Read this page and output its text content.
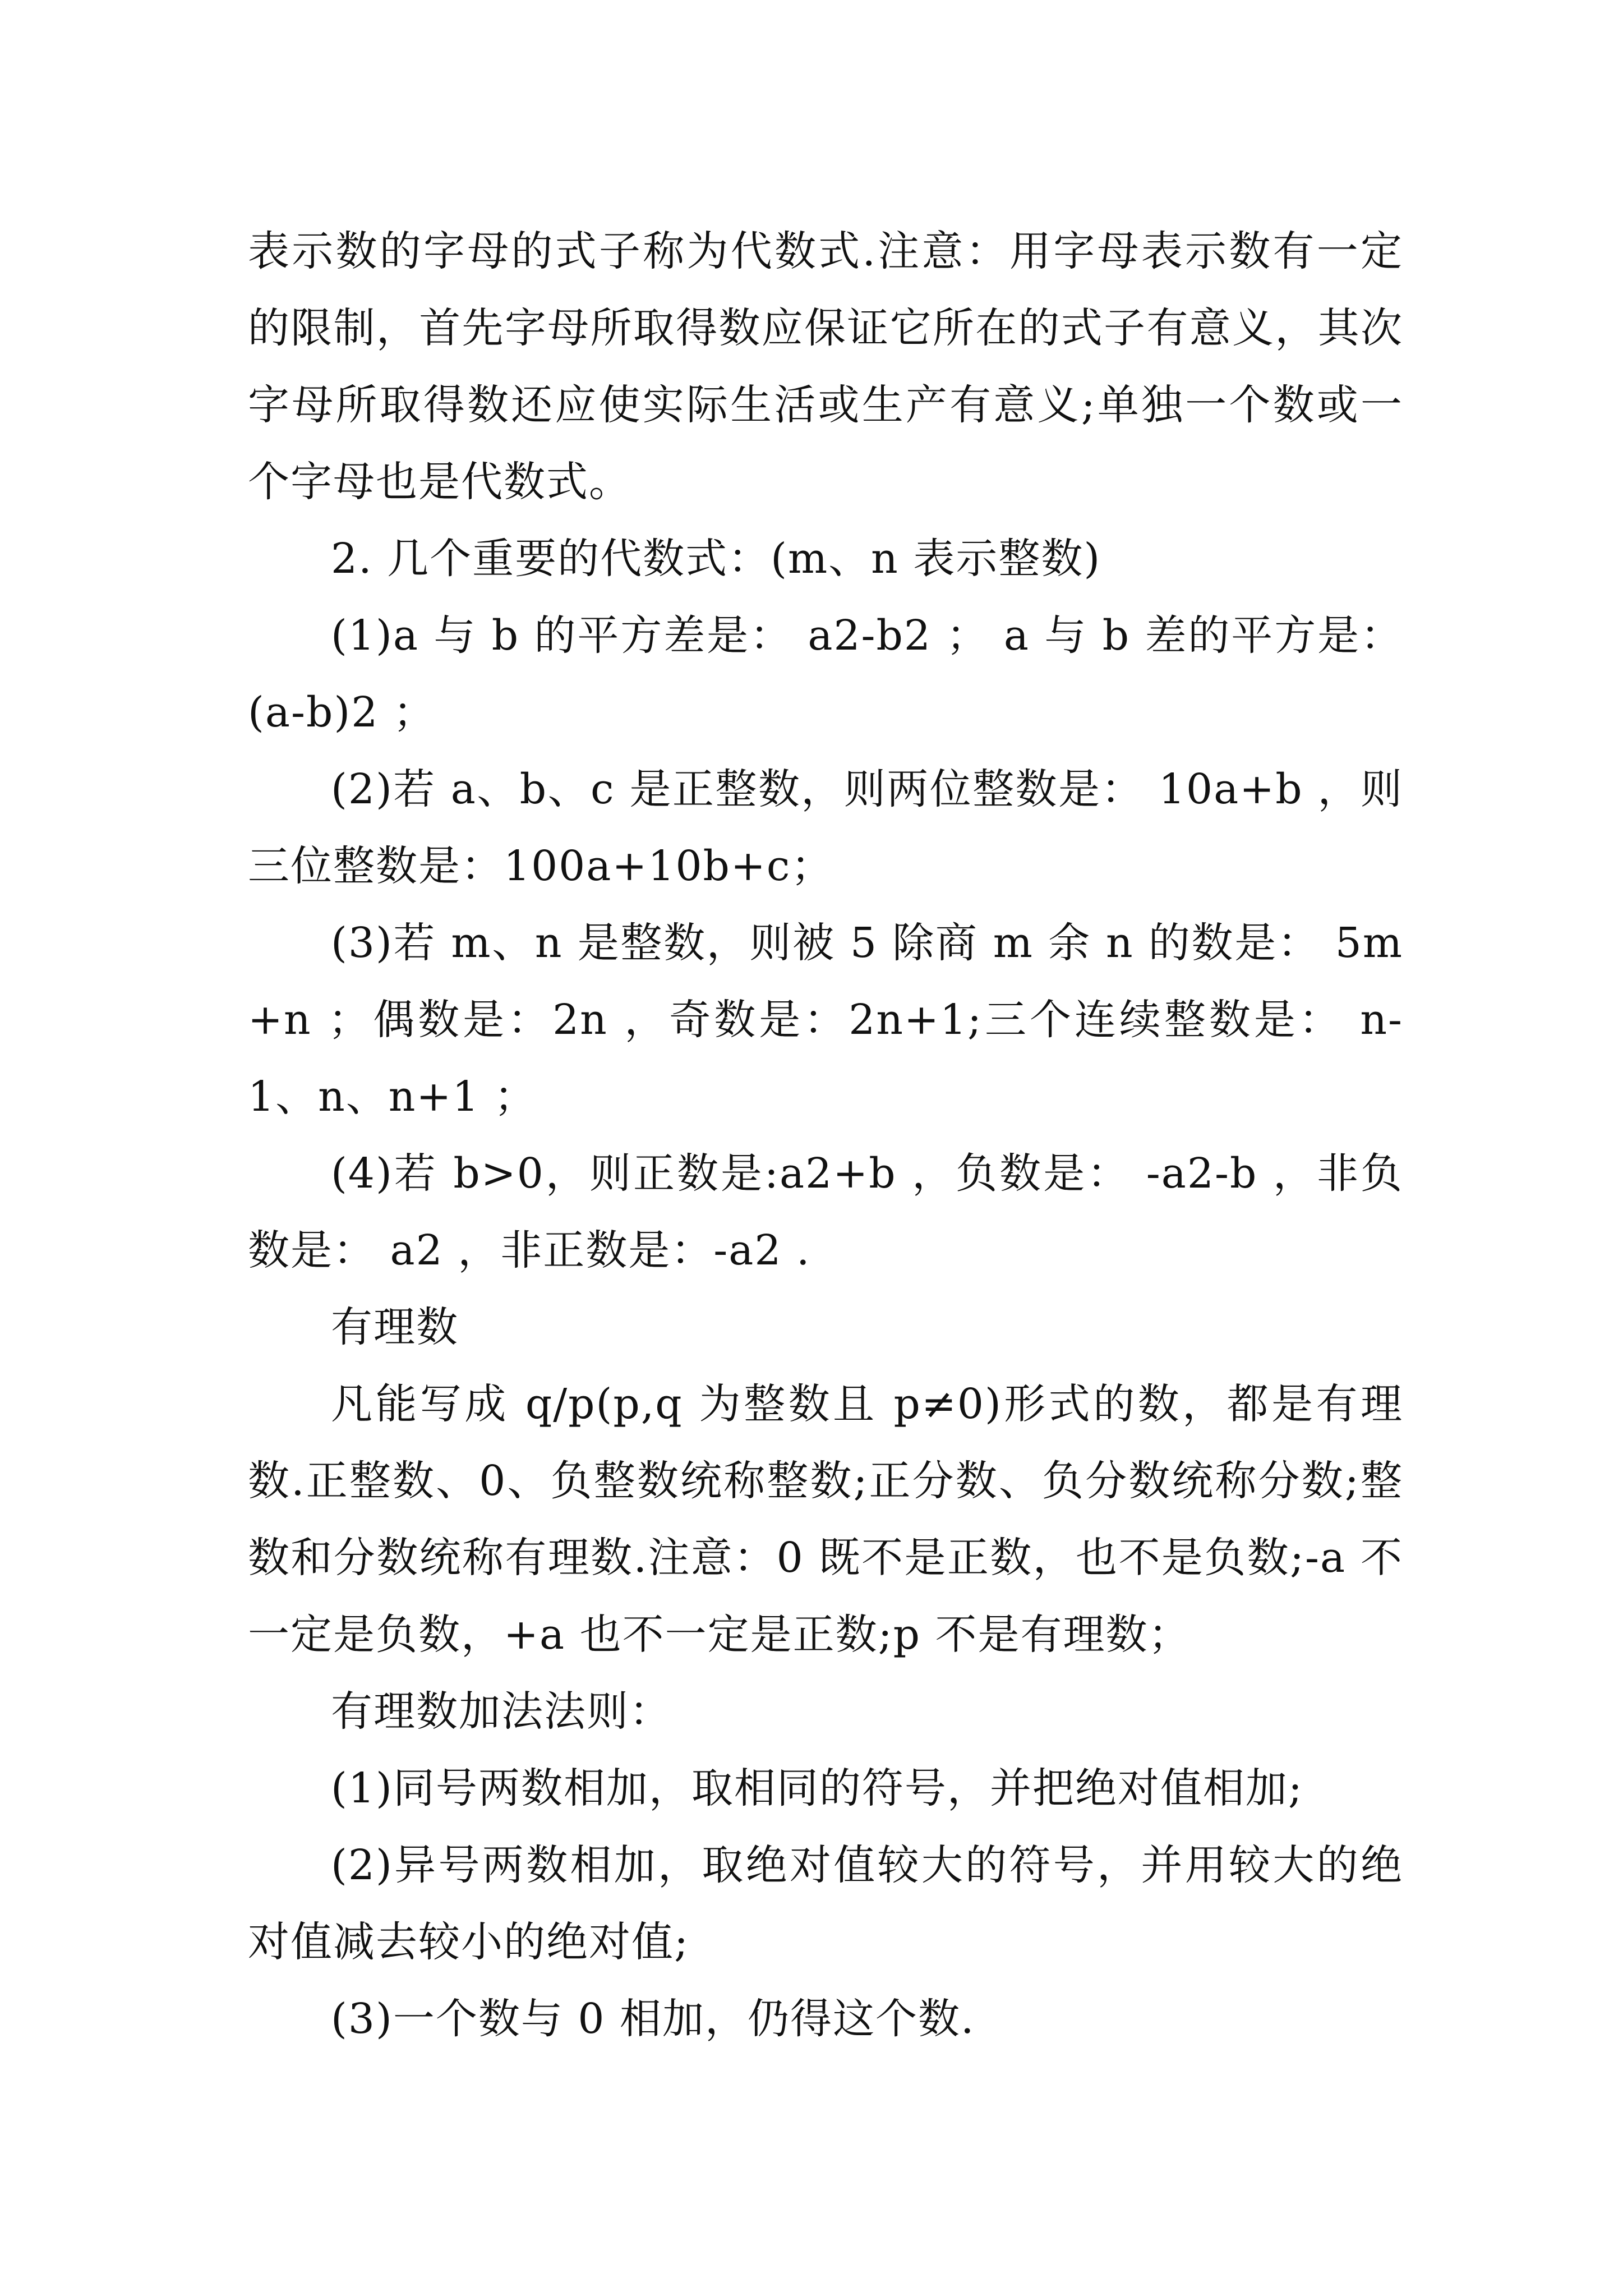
表示数的字母的式子称为代数式.注意：用字母表示数有一定的限制，首先字母所取得数应保证它所在的式子有意义，其次字母所取得数还应使实际生活或生产有意义;单独一个数或一个字母也是代数式。

2. 几个重要的代数式：(m、n 表示整数)

(1)a 与 b 的平方差是： a2-b2 ； a 与 b 差的平方是：(a-b)2 ；

(2)若 a、b、c 是正整数，则两位整数是： 10a+b ，则三位整数是：100a+10b+c；

(3)若 m、n 是整数，则被 5 除商 m 余 n 的数是： 5m+n ；偶数是：2n ，奇数是：2n+1;三个连续整数是： n-1、n、n+1 ；

(4)若 b>0，则正数是:a2+b ，负数是： -a2-b ，非负数是： a2 ，非正数是：-a2 .

有理数

凡能写成 q/p(p,q 为整数且 p≠0)形式的数，都是有理数.正整数、0、负整数统称整数;正分数、负分数统称分数;整数和分数统称有理数.注意：0 既不是正数，也不是负数;-a 不一定是负数，+a 也不一定是正数;p 不是有理数；

有理数加法法则：

(1)同号两数相加，取相同的符号，并把绝对值相加;

(2)异号两数相加，取绝对值较大的符号，并用较大的绝对值减去较小的绝对值;

(3)一个数与 0 相加，仍得这个数.
